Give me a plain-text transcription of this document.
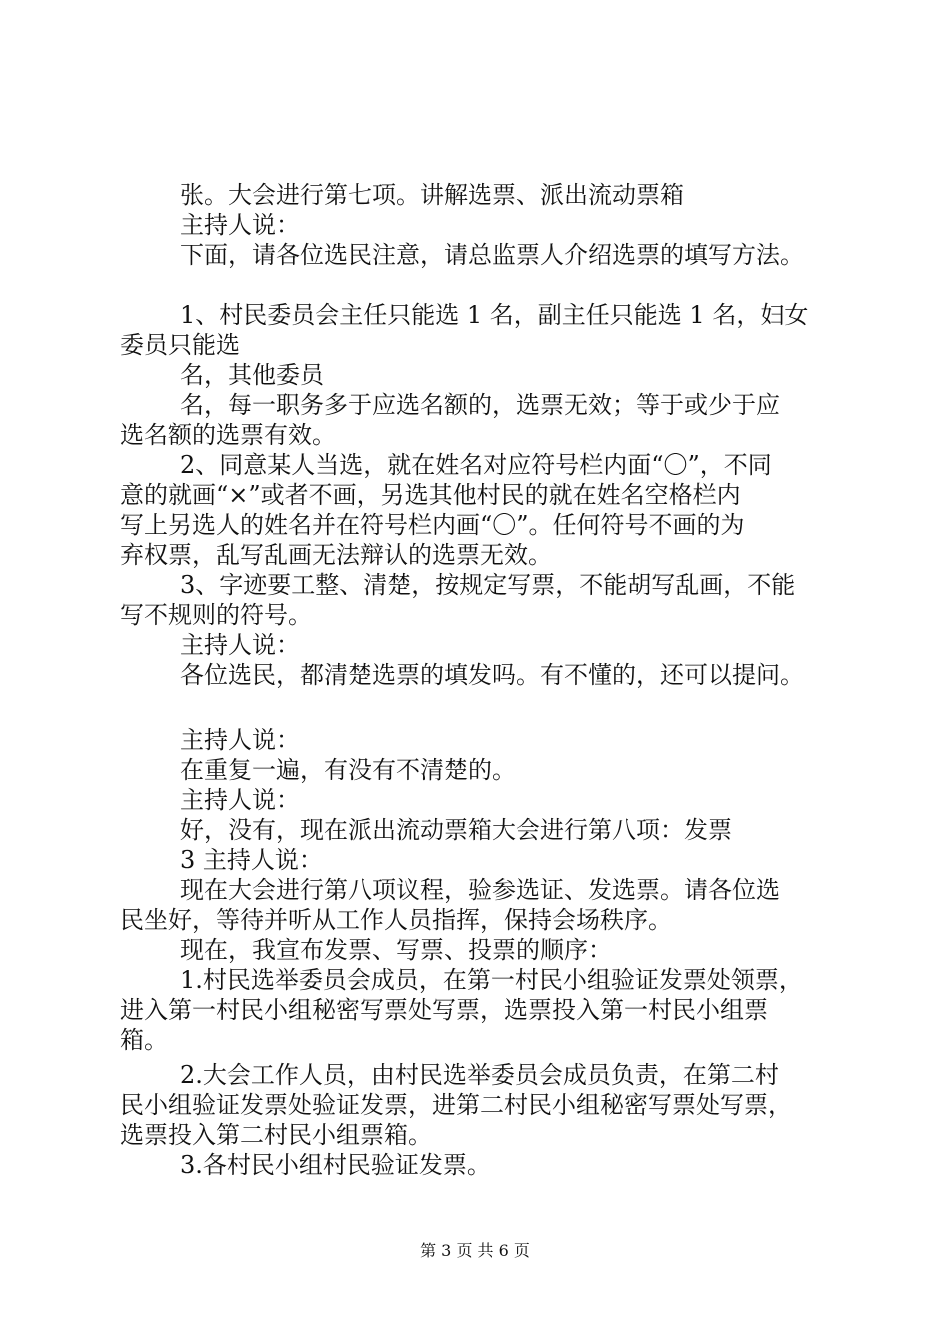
张。大会进行第七项。讲解选票、派出流动票箱
主持人说：
下面，请各位选民注意，请总监票人介绍选票的填写方法。
1、村民委员会主任只能选 1 名，副主任只能选 1 名，妇女
委员只能选
名，其他委员
名，每一职务多于应选名额的，选票无效；等于或少于应
选名额的选票有效。
2、同意某人当选，就在姓名对应符号栏内面“〇”，不同
意的就画“×”或者不画，另选其他村民的就在姓名空格栏内
写上另选人的姓名并在符号栏内画“〇”。任何符号不画的为
弃权票，乱写乱画无法辩认的选票无效。
3、字迹要工整、清楚，按规定写票，不能胡写乱画，不能
写不规则的符号。
主持人说：
各位选民，都清楚选票的填发吗。有不懂的，还可以提问。
主持人说：
在重复一遍，有没有不清楚的。
主持人说：
好，没有，现在派出流动票箱大会进行第八项：发票
3 主持人说：
现在大会进行第八项议程，验参选证、发选票。请各位选
民坐好，等待并听从工作人员指挥，保持会场秩序。
现在，我宣布发票、写票、投票的顺序：
1.村民选举委员会成员，在第一村民小组验证发票处领票，
进入第一村民小组秘密写票处写票，选票投入第一村民小组票
箱。
2.大会工作人员，由村民选举委员会成员负责，在第二村
民小组验证发票处验证发票，进第二村民小组秘密写票处写票，
选票投入第二村民小组票箱。
3.各村民小组村民验证发票。
第 3 页 共 6 页
